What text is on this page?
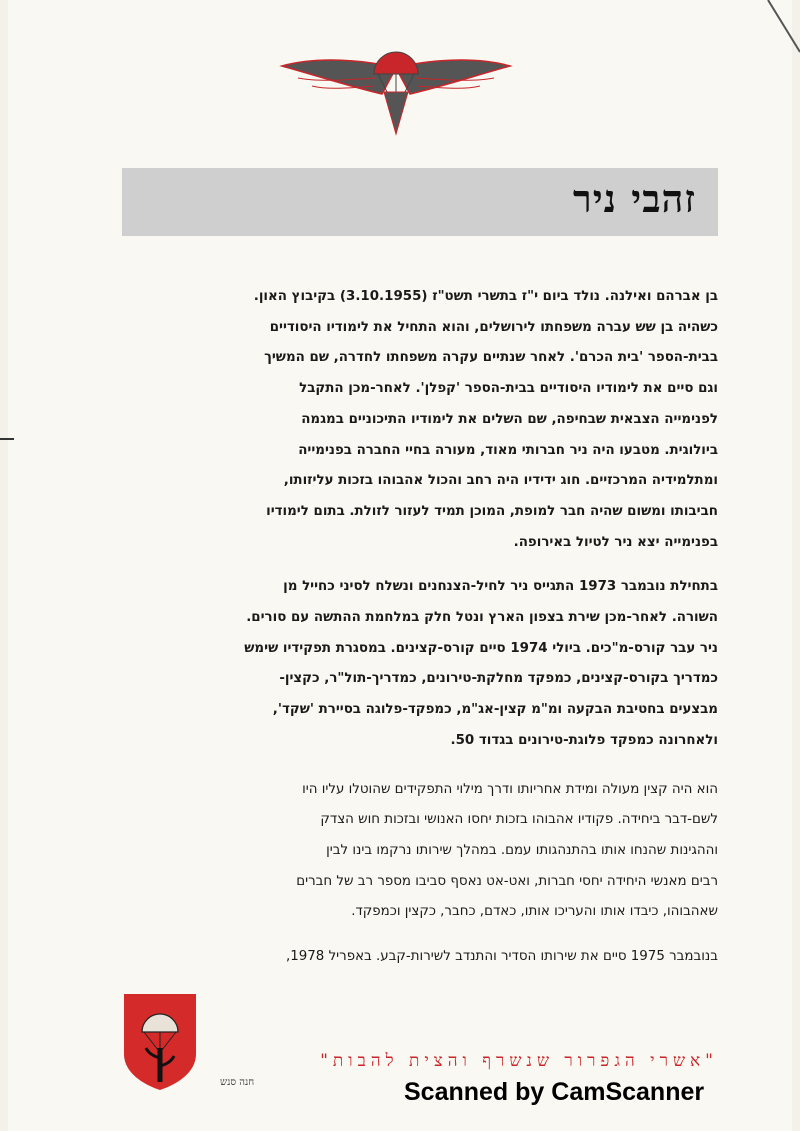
זהבי ניר

בן אברהם ואילנה. נולד ביום י"ז בתשרי תשט"ז (3.10.1955) בקיבוץ האון.
כשהיה בן שש עברה משפחתו לירושלים, והוא התחיל את לימודיו היסודיים
בבית-הספר 'בית הכרם'. לאחר שנתיים עקרה משפחתו לחדרה, שם המשיך
וגם סיים את לימודיו היסודיים בבית-הספר 'קפלן'. לאחר-מכן התקבל
לפנימייה הצבאית שבחיפה, שם השלים את לימודיו התיכוניים במגמה
ביולוגית. מטבעו היה ניר חברותי מאוד, מעורה בחיי החברה בפנימייה
ומתלמידיה המרכזיים. חוג ידידיו היה רחב והכול אהבוהו בזכות עליזותו,
חביבותו ומשום שהיה חבר למופת, המוכן תמיד לעזור לזולת. בתום לימודיו
בפנימייה יצא ניר לטיול באירופה.

בתחילת נובמבר 1973 התגייס ניר לחיל-הצנחנים ונשלח לסיני כחייל מן
השורה. לאחר-מכן שירת בצפון הארץ ונטל חלק במלחמת ההתשה עם סורים.
ניר עבר קורס-מ"כים. ביולי 1974 סיים קורס-קצינים. במסגרת תפקידיו שימש
כמדריך בקורס-קצינים, כמפקד מחלקת-טירונים, כמדריך-תול"ר, כקצין-
מבצעים בחטיבת הבקעה ומ"מ קצין-אג"מ, כמפקד-פלוגה בסיירת 'שקד',
ולאחרונה כמפקד פלוגת-טירונים בגדוד 50.

הוא היה קצין מעולה ומידת אחריותו ודרך מילוי התפקידים שהוטלו עליו היו
לשם-דבר ביחידה. פקודיו אהבוהו בזכות יחסו האנושי ובזכות חוש הצדק
וההגינות שהנחו אותו בהתנהגותו עמם. במהלך שירותו נרקמו בינו לבין
רבים מאנשי היחידה יחסי חברות, ואט-אט נאסף סביבו מספר רב של חברים
שאהבוהו, כיבדו אותו והעריכו אותו, כאדם, כחבר, כקצין וכמפקד.

בנובמבר 1975 סיים את שירותו הסדיר והתנדב לשירות-קבע. באפריל 1978,

"אשרי הגפרור שנשרף והצית להבות"
חנה סנש	Scanned by CamScanner
